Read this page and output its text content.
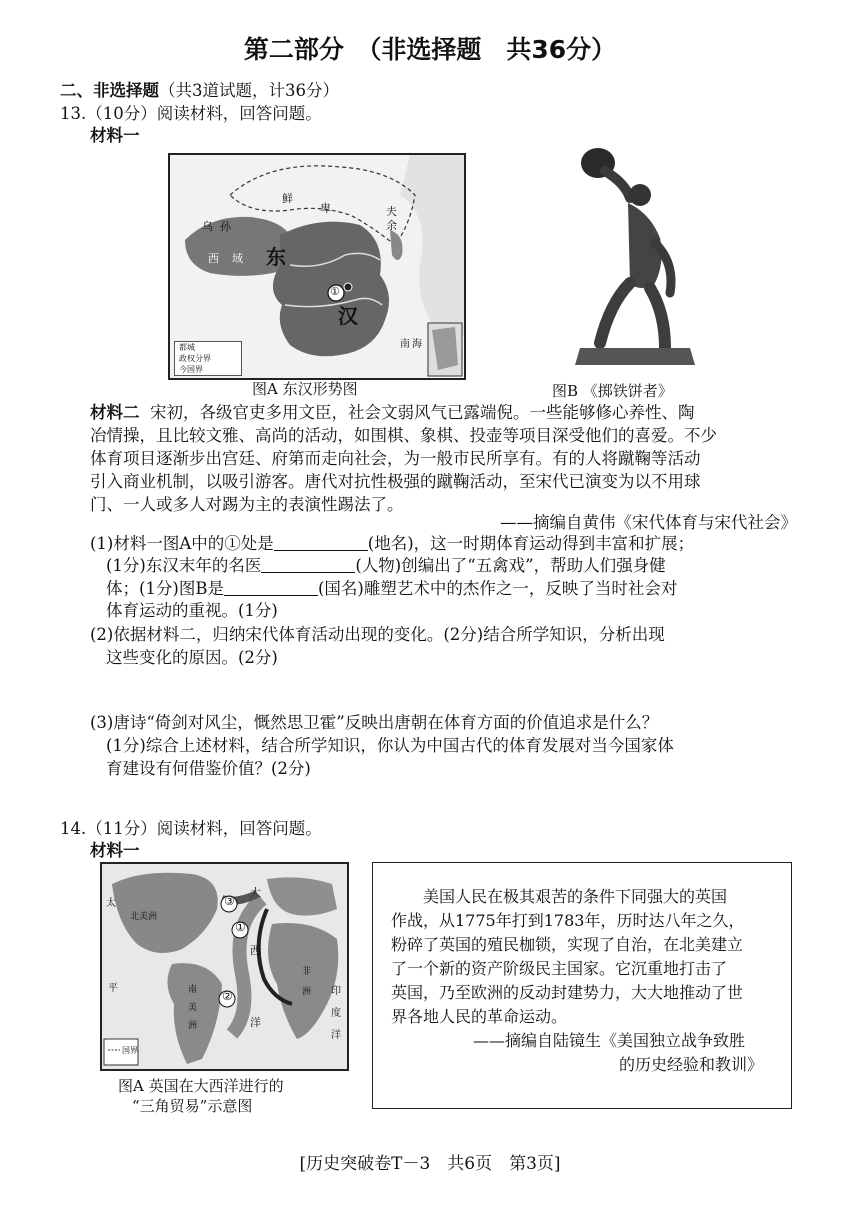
第二部分　（非选择题　共36分）
二、非选择题（共3道试题，计36分）
13.（10分）阅读材料，回答问题。
材料一
东
汉
乌 孙
西 域
鲜
卑	夫
余
南 海
①
都城
政权分界
今国界
图A 东汉形势图	图B 《掷铁饼者》
材料二 宋初，各级官吏多用文臣，社会文弱风气已露端倪。一些能够修心养性、陶
冶情操，且比较文雅、高尚的活动，如围棋、象棋、投壶等项目深受他们的喜爱。不少
体育项目逐渐步出宫廷、府第而走向社会，为一般市民所享有。有的人将蹴鞠等活动
引入商业机制，以吸引游客。唐代对抗性极强的蹴鞠活动，至宋代已演变为以不用球
门、一人或多人对踢为主的表演性踢法了。
——摘编自黄伟《宋代体育与宋代社会》
(1)材料一图A中的①处是	(地名)，这一时期体育运动得到丰富和扩展；
(1分)东汉末年的名医	(人物)创编出了“五禽戏”，帮助人们强身健
体；(1分)图B是	(国名)雕塑艺术中的杰作之一，反映了当时社会对
体育运动的重视。(1分)
(2)依据材料二，归纳宋代体育活动出现的变化。(2分)结合所学知识，分析出现
这些变化的原因。(2分)
(3)唐诗“倚剑对风尘，慨然思卫霍”反映出唐朝在体育方面的价值追求是什么？
(1分)综合上述材料，结合所学知识，你认为中国古代的体育发展对当今国家体
育建设有何借鉴价值？(2分)
14.（11分）阅读材料，回答问题。
材料一
③
①
②
大
西
洋
北美洲
南
美
洲
非
洲 印
度
洋
太
平
国界
图A 英国在大西洋进行的
“三角贸易”示意图
美国人民在极其艰苦的条件下同强大的英国
作战，从1775年打到1783年，历时达八年之久，
粉碎了英国的殖民枷锁，实现了自治，在北美建立
了一个新的资产阶级民主国家。它沉重地打击了
英国，乃至欧洲的反动封建势力，大大地推动了世
界各地人民的革命运动。
——摘编自陆镜生《美国独立战争致胜
的历史经验和教训》
[历史突破卷T－3　共6页　第3页]
